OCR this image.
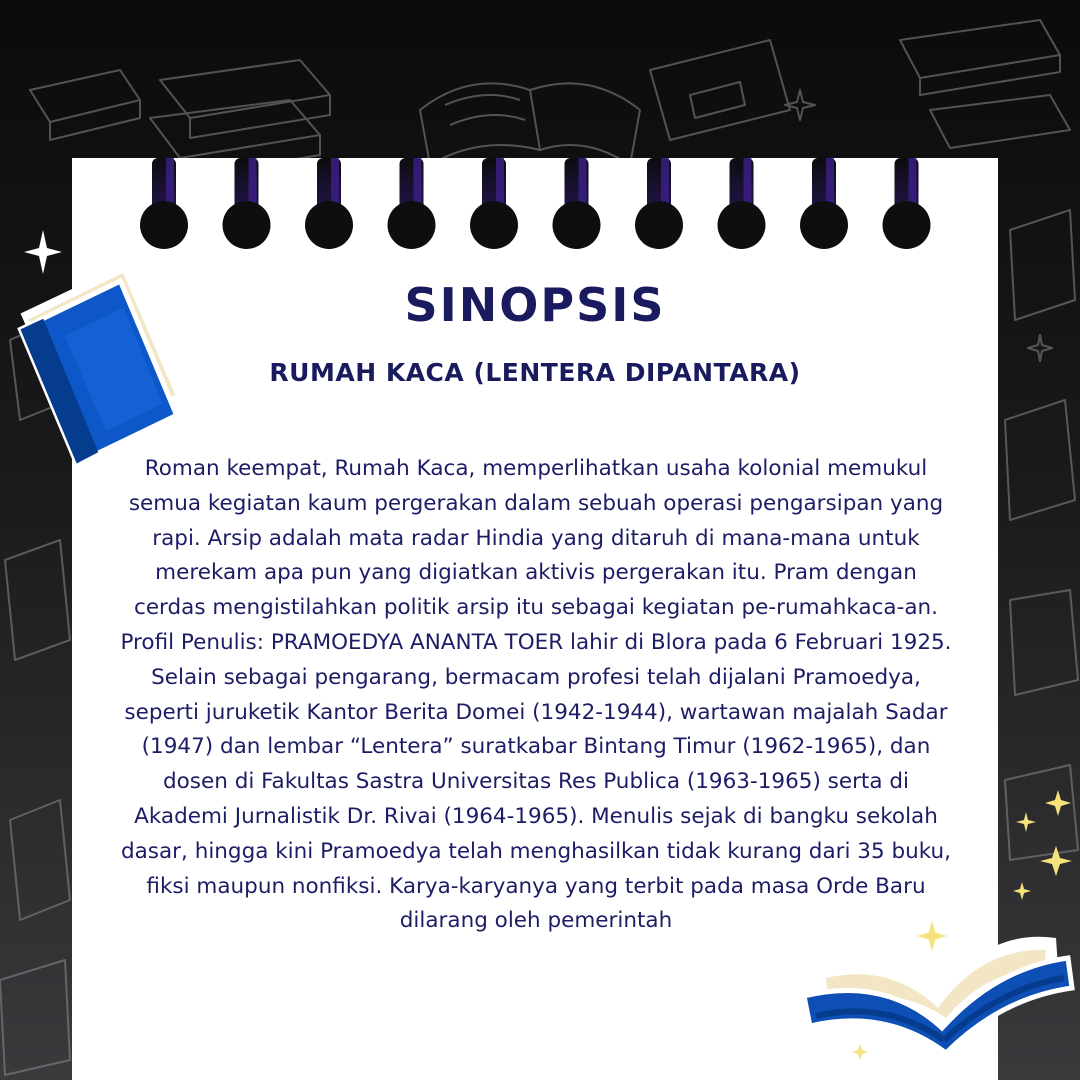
SINOPSIS
RUMAH KACA (LENTERA DIPANTARA)

Roman keempat, Rumah Kaca, memperlihatkan usaha kolonial memukul semua kegiatan kaum pergerakan dalam sebuah operasi pengarsipan yang rapi. Arsip adalah mata radar Hindia yang ditaruh di mana-mana untuk merekam apa pun yang digiatkan aktivis pergerakan itu. Pram dengan cerdas mengistilahkan politik arsip itu sebagai kegiatan pe-rumahkaca-an. Profil Penulis: PRAMOEDYA ANANTA TOER lahir di Blora pada 6 Februari 1925. Selain sebagai pengarang, bermacam profesi telah dijalani Pramoedya, seperti juruketik Kantor Berita Domei (1942-1944), wartawan majalah Sadar (1947) dan lembar “Lentera” suratkabar Bintang Timur (1962-1965), dan dosen di Fakultas Sastra Universitas Res Publica (1963-1965) serta di Akademi Jurnalistik Dr. Rivai (1964-1965). Menulis sejak di bangku sekolah dasar, hingga kini Pramoedya telah menghasilkan tidak kurang dari 35 buku, fiksi maupun nonfiksi. Karya-karyanya yang terbit pada masa Orde Baru dilarang oleh pemerintah
